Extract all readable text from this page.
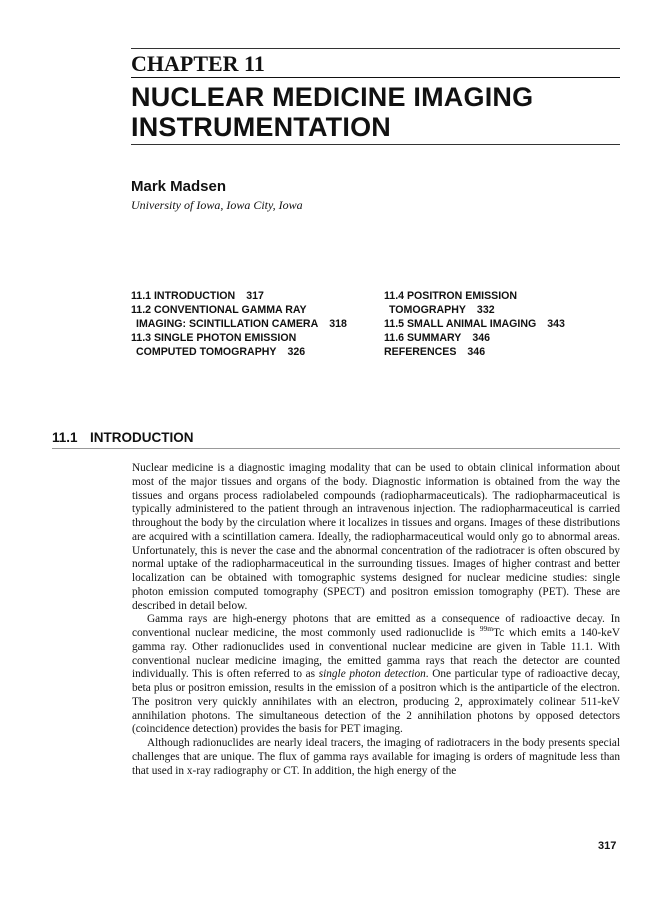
CHAPTER 11
NUCLEAR MEDICINE IMAGING
INSTRUMENTATION
Mark Madsen
University of Iowa, Iowa City, Iowa
11.1 INTRODUCTION 317
11.2 CONVENTIONAL GAMMA RAY
IMAGING: SCINTILLATION CAMERA 318
11.3 SINGLE PHOTON EMISSION
COMPUTED TOMOGRAPHY 326
11.4 POSITRON EMISSION
TOMOGRAPHY 332
11.5 SMALL ANIMAL IMAGING 343
11.6 SUMMARY 346
REFERENCES 346
11.1 INTRODUCTION

Nuclear medicine is a diagnostic imaging modality that can be used to obtain clinical information about most of the major tissues and organs of the body. Diagnostic information is obtained from the way the tissues and organs process radiolabeled compounds (radiopharmaceuticals). The radiopharmaceutical is typically administered to the patient through an intravenous injection. The radiopharmaceutical is carried throughout the body by the circulation where it localizes in tissues and organs. Images of these distributions are acquired with a scintillation camera. Ideally, the radiopharmaceutical would only go to abnormal areas. Unfortunately, this is never the case and the abnormal concentration of the radiotracer is often obscured by normal uptake of the radiopharmaceutical in the surrounding tissues. Images of higher contrast and better localization can be obtained with tomographic systems designed for nuclear medicine studies: single photon emission computed tomography (SPECT) and positron emission tomography (PET). These are described in detail below.

Gamma rays are high-energy photons that are emitted as a consequence of radioactive decay. In conventional nuclear medicine, the most commonly used radionuclide is $^{99m}$Tc which emits a 140-keV gamma ray. Other radionuclides used in conventional nuclear medicine are given in Table 11.1. With conventional nuclear medicine imaging, the emitted gamma rays that reach the detector are counted individually. This is often referred to as single photon detection. One particular type of radioactive decay, beta plus or positron emission, results in the emission of a positron which is the antiparticle of the electron. The positron very quickly annihilates with an electron, producing 2, approximately colinear 511-keV annihilation photons. The simultaneous detection of the 2 annihilation photons by opposed detectors (coincidence detection) provides the basis for PET imaging.

Although radionuclides are nearly ideal tracers, the imaging of radiotracers in the body presents special challenges that are unique. The flux of gamma rays available for imaging is orders of magnitude less than that used in x-ray radiography or CT. In addition, the high energy of the

317
